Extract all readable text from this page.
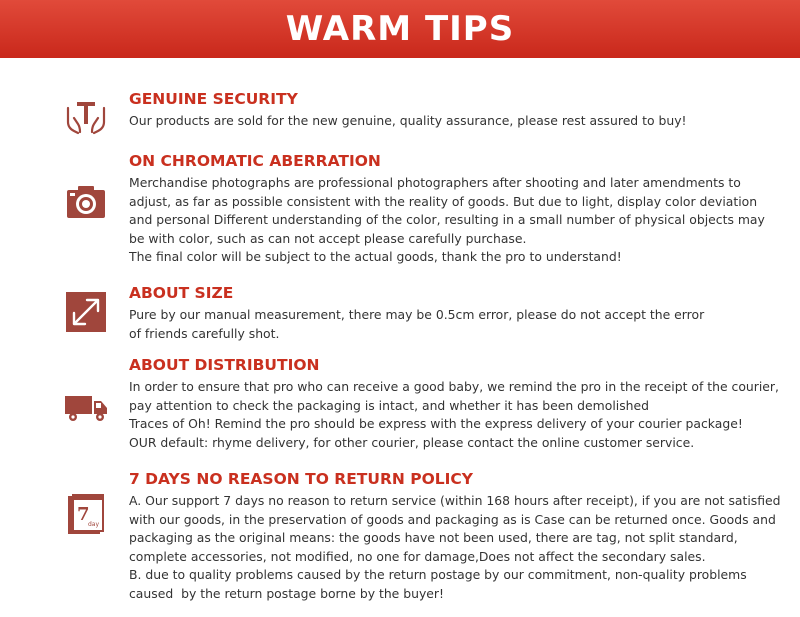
WARM TIPS
GENUINE SECURITY
Our products are sold for the new genuine, quality assurance, please rest assured to buy!
ON CHROMATIC ABERRATION
Merchandise photographs are professional photographers after shooting and later amendments to
adjust, as far as possible consistent with the reality of goods. But due to light, display color deviation
and personal Different understanding of the color, resulting in a small number of physical objects may
be with color, such as can not accept please carefully purchase.
The final color will be subject to the actual goods, thank the pro to understand!
ABOUT SIZE
Pure by our manual measurement, there may be 0.5cm error, please do not accept the error
of friends carefully shot.
ABOUT DISTRIBUTION
In order to ensure that pro who can receive a good baby, we remind the pro in the receipt of the courier,
pay attention to check the packaging is intact, and whether it has been demolished
Traces of Oh! Remind the pro should be express with the express delivery of your courier package!
OUR default: rhyme delivery, for other courier, please contact the online customer service.
7
day
7 DAYS NO REASON TO RETURN POLICY
A. Our support 7 days no reason to return service (within 168 hours after receipt), if you are not satisfied
with our goods, in the preservation of goods and packaging as is Case can be returned once. Goods and
packaging as the original means: the goods have not been used, there are tag, not split standard,
complete accessories, not modified, no one for damage,Does not affect the secondary sales.
B. due to quality problems caused by the return postage by our commitment, non-quality problems
caused  by the return postage borne by the buyer!
